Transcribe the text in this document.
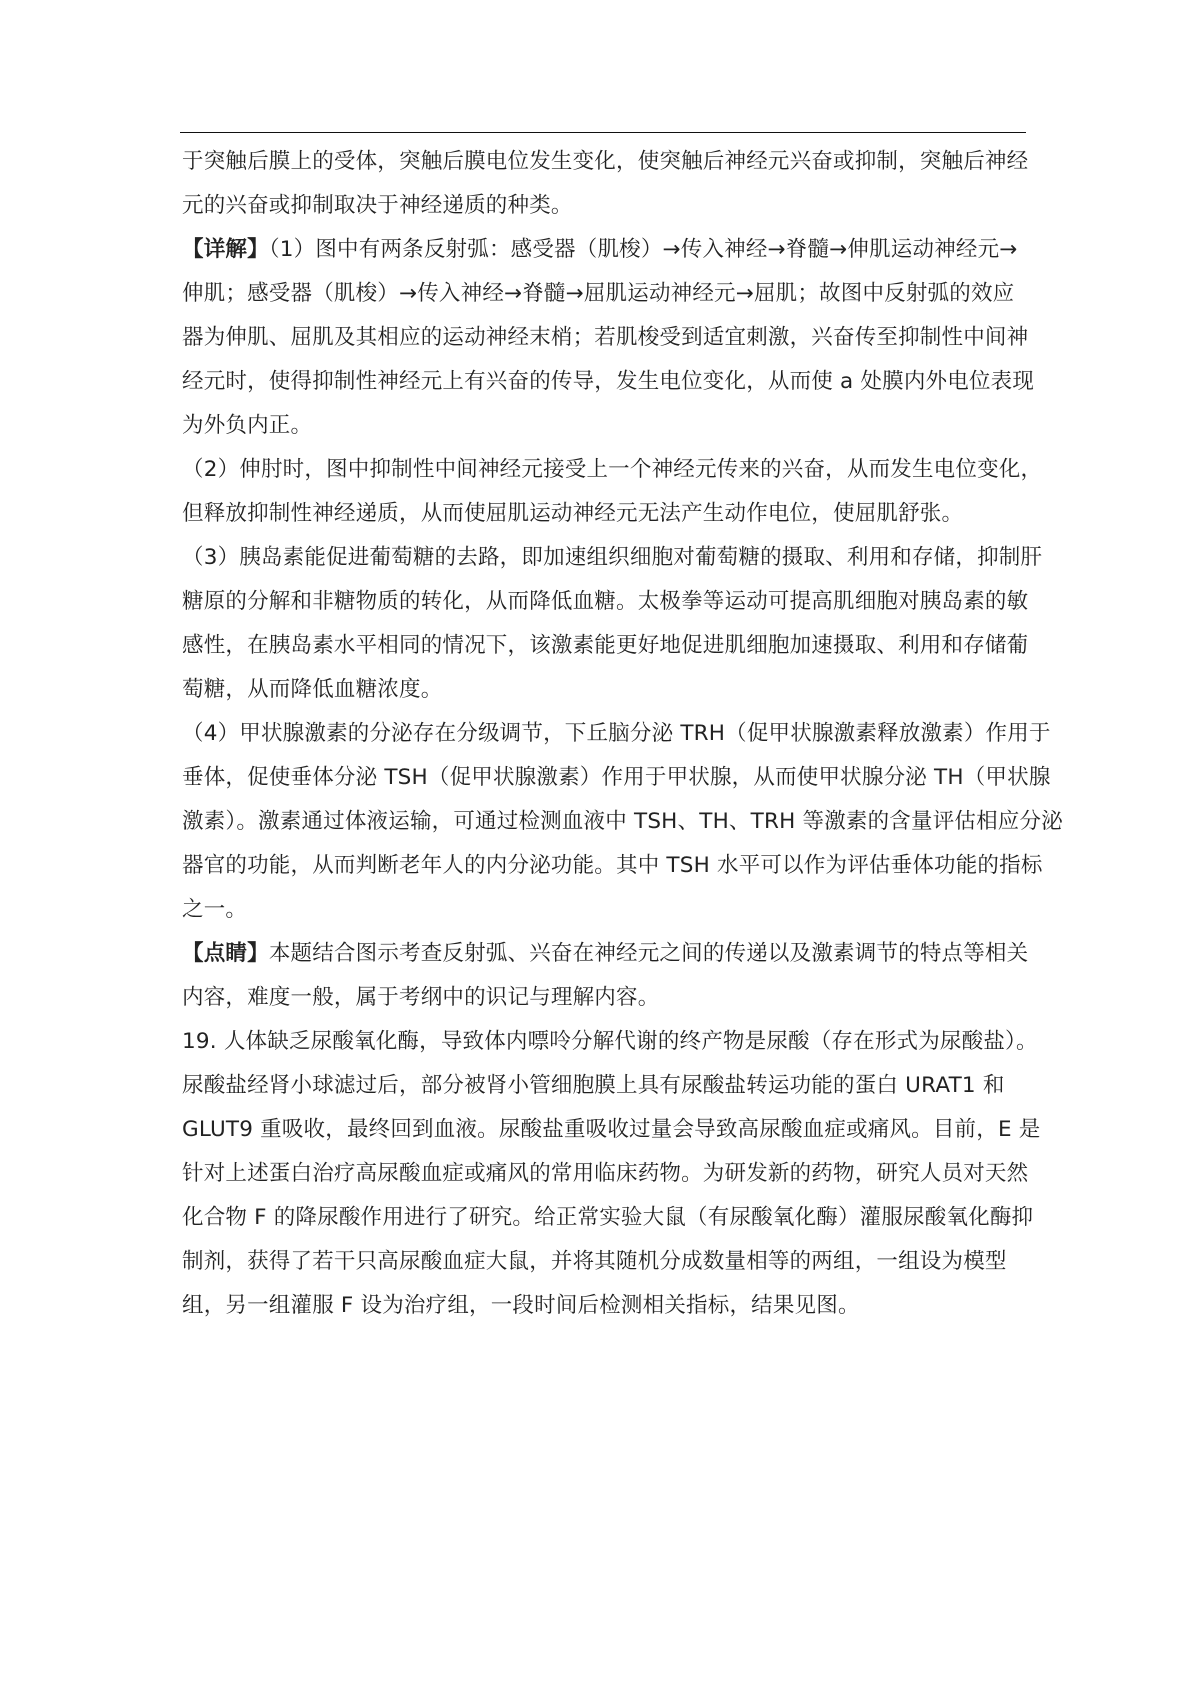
于突触后膜上的受体，突触后膜电位发生变化，使突触后神经元兴奋或抑制，突触后神经
元的兴奋或抑制取决于神经递质的种类。
【详解】（1）图中有两条反射弧：感受器（肌梭）→传入神经→脊髓→伸肌运动神经元→
伸肌；感受器（肌梭）→传入神经→脊髓→屈肌运动神经元→屈肌；故图中反射弧的效应
器为伸肌、屈肌及其相应的运动神经末梢；若肌梭受到适宜刺激，兴奋传至抑制性中间神
经元时，使得抑制性神经元上有兴奋的传导，发生电位变化，从而使 a 处膜内外电位表现
为外负内正。
（2）伸肘时，图中抑制性中间神经元接受上一个神经元传来的兴奋，从而发生电位变化，
但释放抑制性神经递质，从而使屈肌运动神经元无法产生动作电位，使屈肌舒张。
（3）胰岛素能促进葡萄糖的去路，即加速组织细胞对葡萄糖的摄取、利用和存储，抑制肝
糖原的分解和非糖物质的转化，从而降低血糖。太极拳等运动可提高肌细胞对胰岛素的敏
感性，在胰岛素水平相同的情况下，该激素能更好地促进肌细胞加速摄取、利用和存储葡
萄糖，从而降低血糖浓度。
（4）甲状腺激素的分泌存在分级调节，下丘脑分泌 TRH（促甲状腺激素释放激素）作用于
垂体，促使垂体分泌 TSH（促甲状腺激素）作用于甲状腺，从而使甲状腺分泌 TH（甲状腺
激素）。激素通过体液运输，可通过检测血液中 TSH、TH、TRH 等激素的含量评估相应分泌
器官的功能，从而判断老年人的内分泌功能。其中 TSH 水平可以作为评估垂体功能的指标
之一。
【点睛】本题结合图示考查反射弧、兴奋在神经元之间的传递以及激素调节的特点等相关
内容，难度一般，属于考纲中的识记与理解内容。
19. 人体缺乏尿酸氧化酶，导致体内嘌呤分解代谢的终产物是尿酸（存在形式为尿酸盐）。
尿酸盐经肾小球滤过后，部分被肾小管细胞膜上具有尿酸盐转运功能的蛋白 URAT1 和
GLUT9 重吸收，最终回到血液。尿酸盐重吸收过量会导致高尿酸血症或痛风。目前，E 是
针对上述蛋白治疗高尿酸血症或痛风的常用临床药物。为研发新的药物，研究人员对天然
化合物 F 的降尿酸作用进行了研究。给正常实验大鼠（有尿酸氧化酶）灌服尿酸氧化酶抑
制剂，获得了若干只高尿酸血症大鼠，并将其随机分成数量相等的两组，一组设为模型
组，另一组灌服 F 设为治疗组，一段时间后检测相关指标，结果见图。
